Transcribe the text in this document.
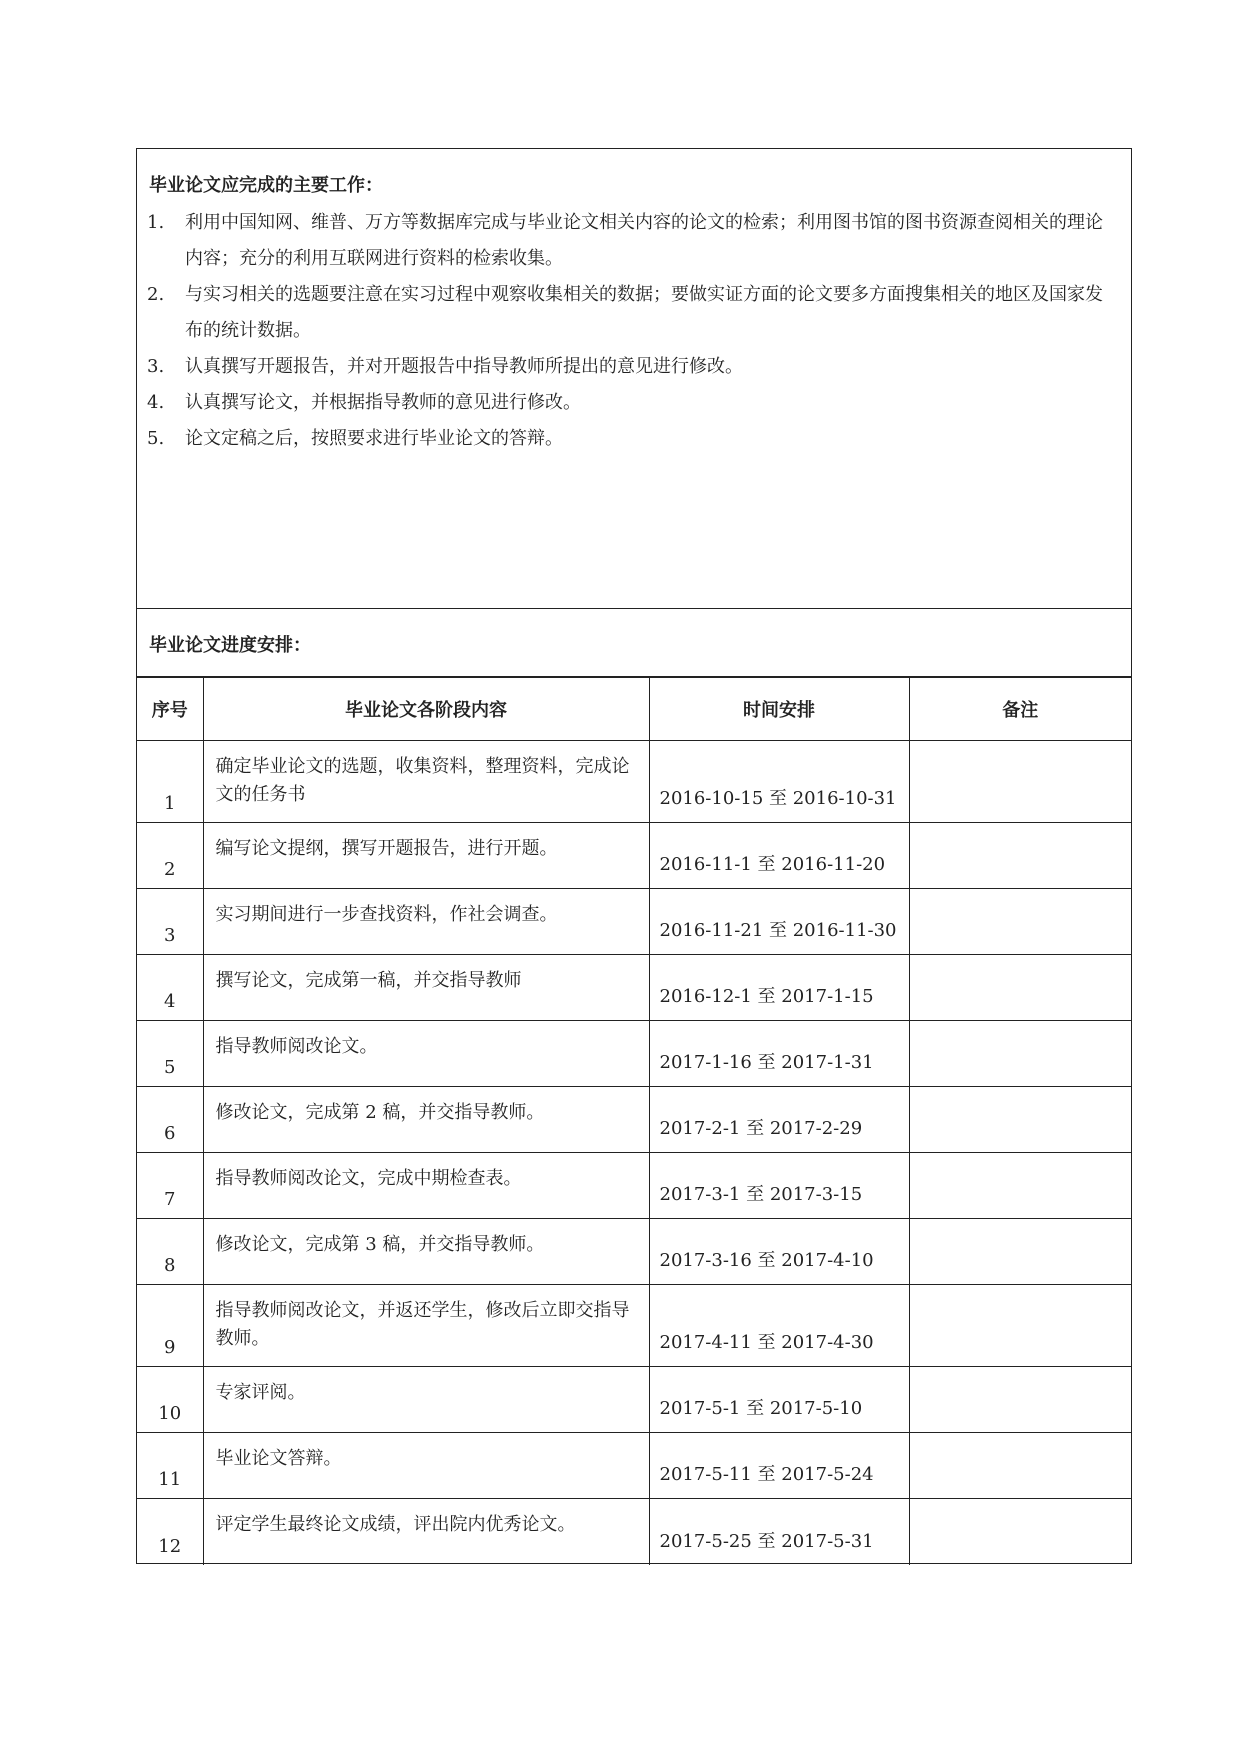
毕业论文应完成的主要工作：
1. 利用中国知网、维普、万方等数据库完成与毕业论文相关内容的论文的检索；利用图书馆的图书资源查阅相关的理论内容；充分的利用互联网进行资料的检索收集。
2. 与实习相关的选题要注意在实习过程中观察收集相关的数据；要做实证方面的论文要多方面搜集相关的地区及国家发布的统计数据。
3. 认真撰写开题报告，并对开题报告中指导教师所提出的意见进行修改。
4. 认真撰写论文，并根据指导教师的意见进行修改。
5. 论文定稿之后，按照要求进行毕业论文的答辩。
毕业论文进度安排：
序号	毕业论文各阶段内容	时间安排	备注
1	确定毕业论文的选题，收集资料，整理资料，完成论文的任务书	2016-10-15 至 2016-10-31	
2	编写论文提纲，撰写开题报告，进行开题。	2016-11-1 至 2016-11-20	
3	实习期间进行一步查找资料，作社会调查。	2016-11-21 至 2016-11-30	
4	撰写论文，完成第一稿，并交指导教师	2016-12-1 至 2017-1-15	
5	指导教师阅改论文。	2017-1-16 至 2017-1-31	
6	修改论文，完成第 2 稿，并交指导教师。	2017-2-1 至 2017-2-29	
7	指导教师阅改论文，完成中期检查表。	2017-3-1 至 2017-3-15	
8	修改论文，完成第 3 稿，并交指导教师。	2017-3-16 至 2017-4-10	
9	指导教师阅改论文，并返还学生，修改后立即交指导教师。	2017-4-11 至 2017-4-30	
10	专家评阅。	2017-5-1 至 2017-5-10	
11	毕业论文答辩。	2017-5-11 至 2017-5-24	
12	评定学生最终论文成绩，评出院内优秀论文。	2017-5-25 至 2017-5-31	
